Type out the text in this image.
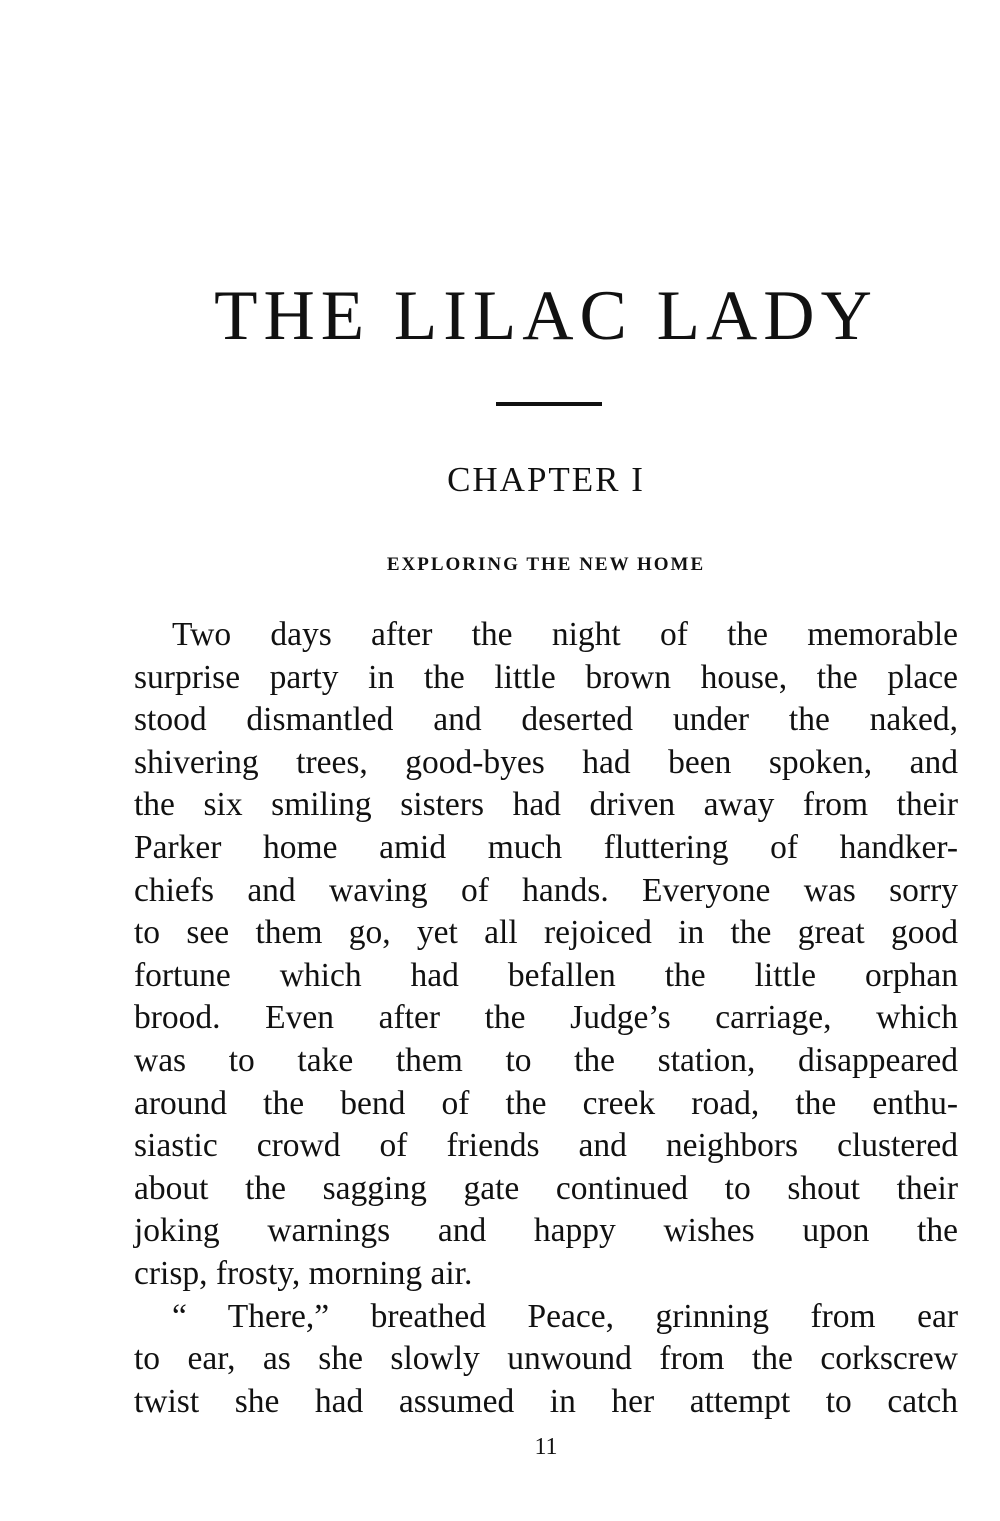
THE LILAC LADY
CHAPTER I
EXPLORING THE NEW HOME
Two days after the night of the memorable
surprise party in the little brown house, the place
stood dismantled and deserted under the naked,
shivering trees, good-byes had been spoken, and
the six smiling sisters had driven away from their
Parker home amid much fluttering of handker-
chiefs and waving of hands. Everyone was sorry
to see them go, yet all rejoiced in the great good
fortune which had befallen the little orphan
brood. Even after the Judge’s carriage, which
was to take them to the station, disappeared
around the bend of the creek road, the enthu-
siastic crowd of friends and neighbors clustered
about the sagging gate continued to shout their
joking warnings and happy wishes upon the
crisp, frosty, morning air.
“ There,” breathed Peace, grinning from ear
to ear, as she slowly unwound from the corkscrew
twist she had assumed in her attempt to catch
11
